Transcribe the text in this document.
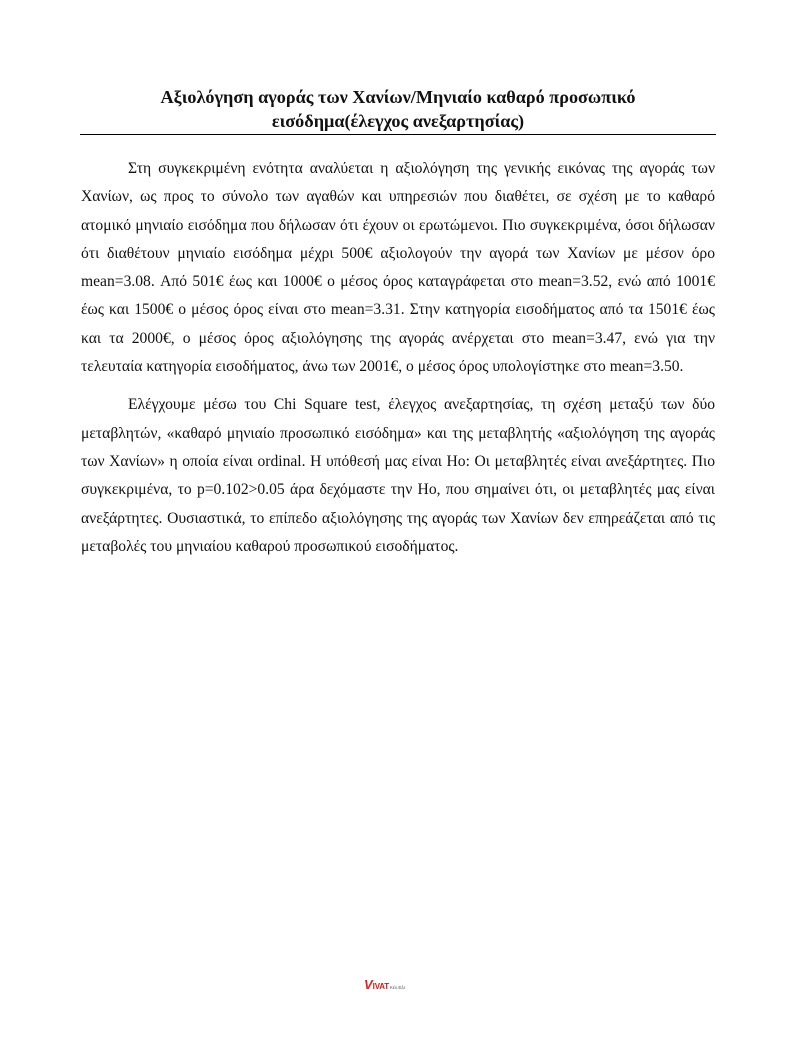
Αξιολόγηση αγοράς των Χανίων/Μηνιαίο καθαρό προσωπικό
εισόδημα(έλεγχος ανεξαρτησίας)

Στη συγκεκριμένη ενότητα αναλύεται η αξιολόγηση της γενικής εικόνας της αγοράς των Χανίων, ως προς το σύνολο των αγαθών και υπηρεσιών που διαθέτει, σε σχέση με το καθαρό ατομικό μηνιαίο εισόδημα που δήλωσαν ότι έχουν οι ερωτώμενοι. Πιο συγκεκριμένα, όσοι δήλωσαν ότι διαθέτουν μηνιαίο εισόδημα μέχρι 500€ αξιολογούν την αγορά των Χανίων με μέσον όρο mean=3.08. Από 501€ έως και 1000€ ο μέσος όρος καταγράφεται στο mean=3.52, ενώ από 1001€ έως και 1500€ ο μέσος όρος είναι στο mean=3.31. Στην κατηγορία εισοδήματος από τα 1501€ έως και τα 2000€, ο μέσος όρος αξιολόγησης της αγοράς ανέρχεται στο mean=3.47, ενώ για την τελευταία κατηγορία εισοδήματος, άνω των 2001€, ο μέσος όρος υπολογίστηκε στο mean=3.50.

Ελέγχουμε μέσω του Chi Square test, έλεγχος ανεξαρτησίας, τη σχέση μεταξύ των δύο μεταβλητών, «καθαρό μηνιαίο προσωπικό εισόδημα» και της μεταβλητής «αξιολόγηση της αγοράς των Χανίων» η οποία είναι ordinal. Η υπόθεσή μας είναι Ho: Οι μεταβλητές είναι ανεξάρτητες. Πιο συγκεκριμένα, το p=0.102>0.05 άρα δεχόμαστε την Ho, που σημαίνει ότι, οι μεταβλητές μας είναι ανεξάρτητες. Ουσιαστικά, το επίπεδο αξιολόγησης της αγοράς των Χανίων δεν επηρεάζεται από τις μεταβολές του μηνιαίου καθαρού προσωπικού εισοδήματος.

V IVAT Κέν.Εξε
